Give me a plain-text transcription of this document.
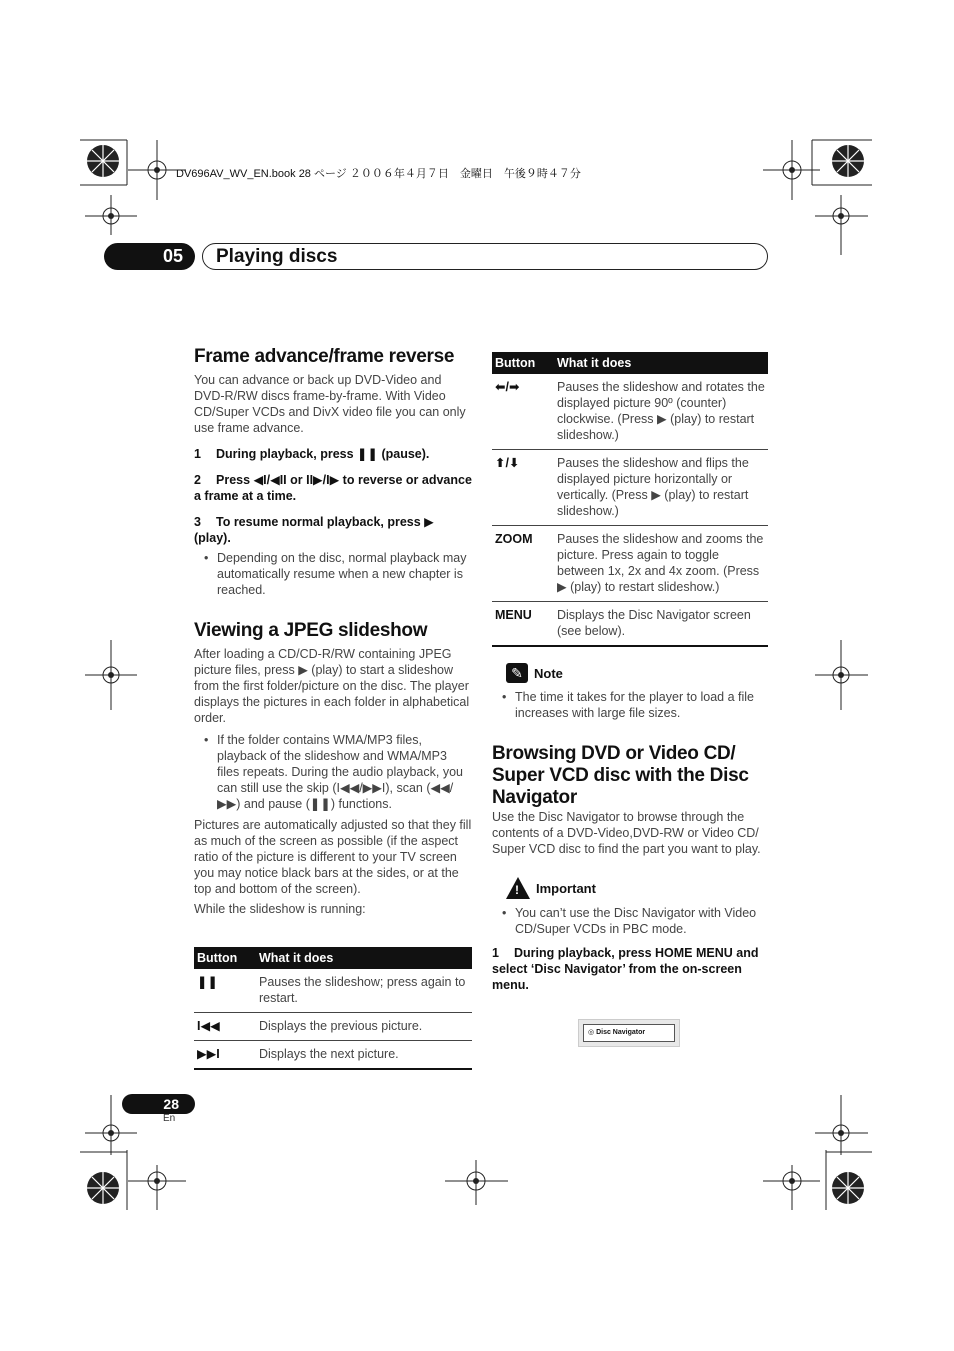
DV696AV_WV_EN.book 28 ページ ２００６年４月７日　金曜日　午後９時４７分
05	Playing discs
Frame advance/frame reverse

You can advance or back up DVD-Video and DVD-R/RW discs frame-by-frame. With Video CD/Super VCDs and DivX video file you can only use frame advance.

1 During playback, press ❚❚ (pause).
2 Press ◀I/◀II or II▶/I▶ to reverse or advance a frame at a time.
3 To resume normal playback, press ▶ (play).
• Depending on the disc, normal playback may automatically resume when a new chapter is reached.
Viewing a JPEG slideshow

After loading a CD/CD-R/RW containing JPEG picture files, press ▶ (play) to start a slideshow from the first folder/picture on the disc. The player displays the pictures in each folder in alphabetical order.

• If the folder contains WMA/MP3 files, playback of the slideshow and WMA/MP3 files repeats. During the audio playback, you can still use the skip (I◀◀/▶▶I), scan (◀◀/▶▶) and pause (❚❚) functions.

Pictures are automatically adjusted so that they fill as much of the screen as possible (if the aspect ratio of the picture is different to your TV screen you may notice black bars at the sides, or at the top and bottom of the screen).

While the slideshow is running:

Button	What it does
❚❚	Pauses the slideshow; press again to restart.
I◀◀	Displays the previous picture.
▶▶I	Displays the next picture.
Button	What it does
⬅/➡	Pauses the slideshow and rotates the displayed picture 90º (counter) clockwise. (Press ▶ (play) to restart slideshow.)
⬆/⬇	Pauses the slideshow and flips the displayed picture horizontally or vertically. (Press ▶ (play) to restart slideshow.)
ZOOM	Pauses the slideshow and zooms the picture. Press again to toggle between 1x, 2x and 4x zoom. (Press ▶ (play) to restart slideshow.)
MENU	Displays the Disc Navigator screen (see below).
✎ Note
• The time it takes for the player to load a file increases with large file sizes.
Browsing DVD or Video CD/ Super VCD disc with the Disc Navigator

Use the Disc Navigator to browse through the contents of a DVD-Video,DVD-RW or Video CD/ Super VCD disc to find the part you want to play.

! Important
• You can’t use the Disc Navigator with Video CD/Super VCDs in PBC mode.
1 During playback, press HOME MENU and select ‘Disc Navigator’ from the on-screen menu.
◎ Disc Navigator
28
En
